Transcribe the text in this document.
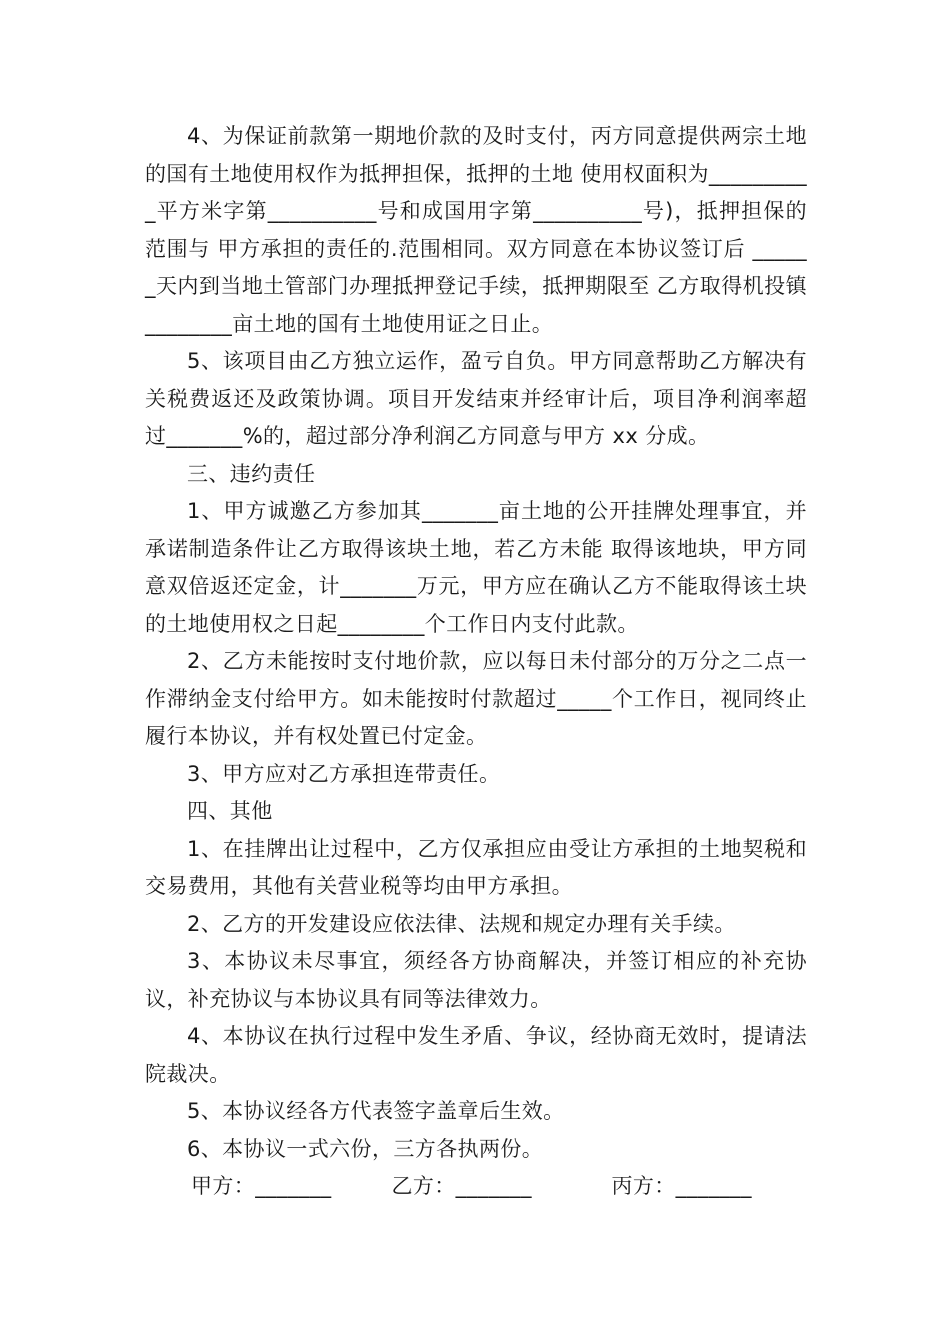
4、为保证前款第一期地价款的及时支付，丙方同意提供两宗土地的国有土地使用权作为抵押担保，抵押的土地 使用权面积为__________平方米字第__________号和成国用字第__________号)，抵押担保的范围与 甲方承担的责任的.范围相同。双方同意在本协议签订后 ______天内到当地土管部门办理抵押登记手续，抵押期限至 乙方取得机投镇________亩土地的国有土地使用证之日止。

5、该项目由乙方独立运作，盈亏自负。甲方同意帮助乙方解决有关税费返还及政策协调。项目开发结束并经审计后，项目净利润率超过_______%的，超过部分净利润乙方同意与甲方 xx 分成。

三、违约责任

1、甲方诚邀乙方参加其_______亩土地的公开挂牌处理事宜，并承诺制造条件让乙方取得该块土地，若乙方未能 取得该地块，甲方同意双倍返还定金，计_______万元，甲方应在确认乙方不能取得该土块的土地使用权之日起________个工作日内支付此款。

2、乙方未能按时支付地价款，应以每日未付部分的万分之二点一作滞纳金支付给甲方。如未能按时付款超过_____个工作日，视同终止履行本协议，并有权处置已付定金。

3、甲方应对乙方承担连带责任。

四、其他

1、在挂牌出让过程中，乙方仅承担应由受让方承担的土地契税和交易费用，其他有关营业税等均由甲方承担。

2、乙方的开发建设应依法律、法规和规定办理有关手续。

3、本协议未尽事宜，须经各方协商解决，并签订相应的补充协议，补充协议与本协议具有同等法律效力。

4、本协议在执行过程中发生矛盾、争议，经协商无效时，提请法院裁决。

5、本协议经各方代表签字盖章后生效。

6、本协议一式六份，三方各执两份。

甲方：_______	乙方：_______	丙方：_______
